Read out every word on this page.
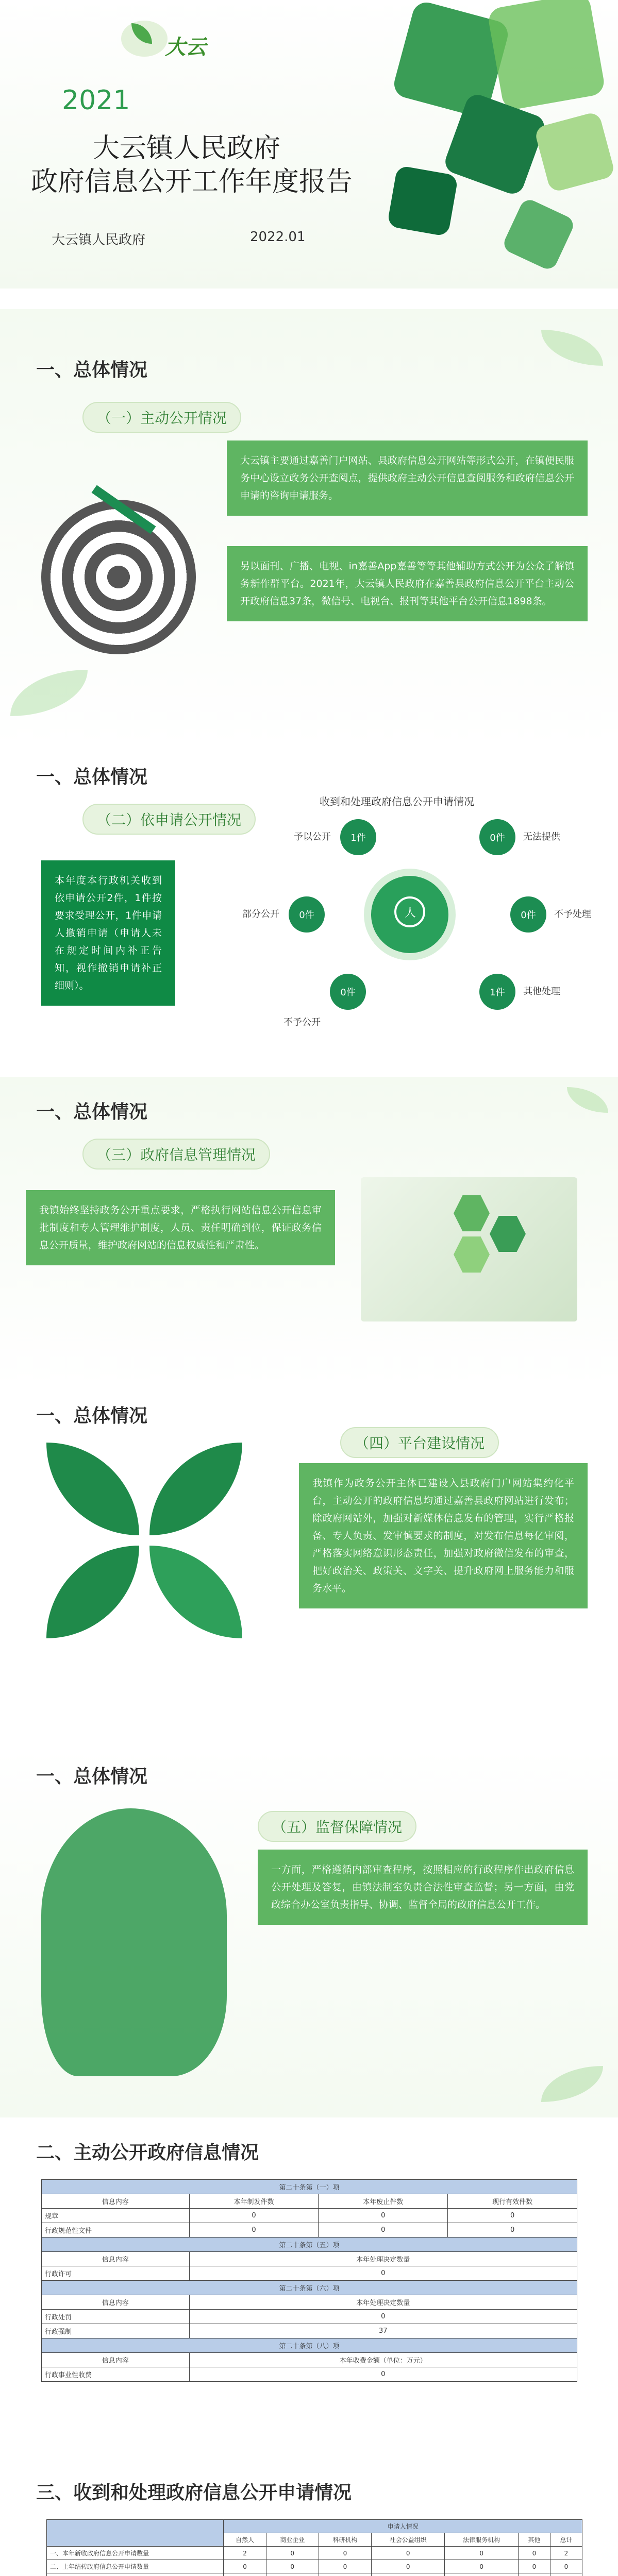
大云
2021
大云镇人民政府
政府信息公开工作年度报告
大云镇人民政府	2022.01
一、总体情况
（一）主动公开情况
大云镇主要通过嘉善门户网站、县政府信息公开网站等形式公开，在镇便民服务中心设立政务公开查阅点，提供政府主动公开信息查阅服务和政府信息公开申请的咨询申请服务。
另以面刊、广播、电视、in嘉善App嘉善等等其他辅助方式公开为公众了解镇务新作群平台。2021年，大云镇人民政府在嘉善县政府信息公开平台主动公开政府信息37条，微信号、电视台、报刊等其他平台公开信息1898条。
一、总体情况
（二）依申请公开情况
本年度本行政机关收到依申请公开2件，1件按要求受理公开，1件申请人撤销申请（申请人未在规定时间内补正告知，视作撤销申请补正细则）。
收到和处理政府信息公开申请情况
人
1件
予以公开	0件	无法提供
0件
部分公开	0件	不予处理
0件
不予公开
1件	其他处理
一、总体情况
（三）政府信息管理情况
我镇始终坚持政务公开重点要求，严格执行网站信息公开信息审批制度和专人管理维护制度，人员、责任明确到位，保证政务信息公开质量，维护政府网站的信息权威性和严肃性。
一、总体情况
（四）平台建设情况
我镇作为政务公开主体已建设入县政府门户网站集约化平台，主动公开的政府信息均通过嘉善县政府网站进行发布；除政府网站外，加强对新媒体信息发布的管理，实行严格报备、专人负责、发审慎要求的制度，对发布信息每亿审阅，严格落实网络意识形态责任，加强对政府微信发布的审查，把好政治关、政策关、文字关、提升政府网上服务能力和服务水平。
一、总体情况
（五）监督保障情况
一方面，严格遵循内部审查程序，按照相应的行政程序作出政府信息公开处理及答复，由镇法制室负责合法性审查监督；另一方面，由党政综合办公室负责指导、协调、监督全局的政府信息公开工作。
二、主动公开政府信息情况
第二十条第（一）项			
信息内容	本年制发件数	本年废止件数	现行有效件数
规章	0	0	0
行政规范性文件	0	0	0
第二十条第（五）项			
信息内容	本年处理决定数量		
行政许可	0		
第二十条第（六）项			
信息内容	本年处理决定数量		
行政处罚	0		
行政强制	37		
第二十条第（八）项			
信息内容	本年收费金额（单位：万元）		
行政事业性收费	0		
三、收到和处理政府信息公开申请情况
	申请人情况						
	自然人	商业企业	科研机构	社会公益组织	法律服务机构	其他	总计
一、本年新收政府信息公开申请数量	2	0	0	0	0	0	2
二、上年结转政府信息公开申请数量	0	0	0	0	0	0	0
